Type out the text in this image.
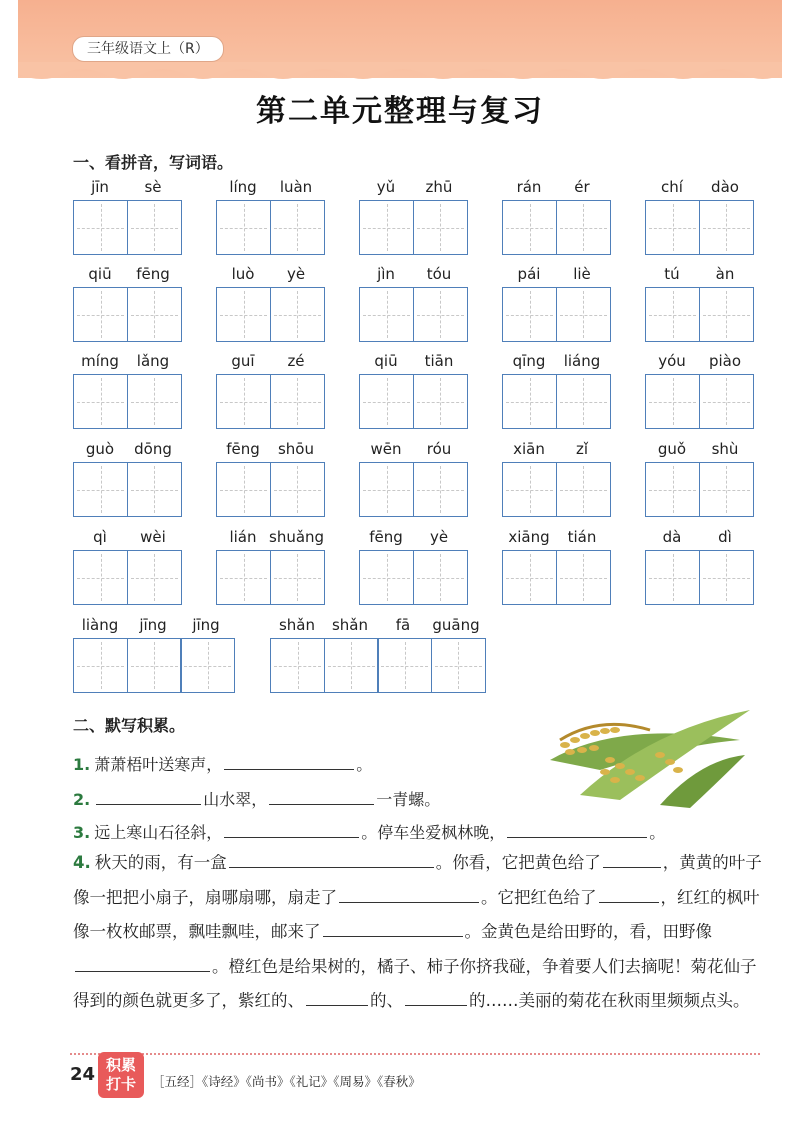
三年级语文上（R）
第二单元整理与复习
一、看拼音，写词语。
jīn	sè	líng	luàn	yǔ	zhū	rán	ér	chí	dào
qiū	fēng	luò	yè	jìn	tóu	pái	liè	tú	àn
míng	lǎng	guī	zé	qiū	tiān	qīng	liáng	yóu	piào
guò	dōng	fēng	shōu	wēn	róu	xiān	zǐ	guǒ	shù
qì	wèi	lián shuǎng	fēng	yè	xiāng	tián	dà	dì
liàng	jīng	jīng	shǎn	shǎn	fā	guāng
二、默写积累。
1. 萧萧梧叶送寒声，	。
2.	山水翠，	一青螺。
3. 远上寒山石径斜，	。停车坐爱枫林晚，	。
4. 秋天的雨，有一盒	。你看，它把黄色给了	，黄黄的叶子像一把把小扇子，扇哪扇哪，扇走了	。它把红色给了	，红红的枫叶像一枚枚邮票，飘哇飘哇，邮来了	。金黄色是给田野的，看，田野像。橙红色是给果树的，橘子、柿子你挤我碰，争着要人们去摘呢！菊花仙子得到的颜色就更多了，紫红的、	的、	的……美丽的菊花在秋雨里频频点头。
24 积累
打卡	［五经］《诗经》《尚书》《礼记》《周易》《春秋》
